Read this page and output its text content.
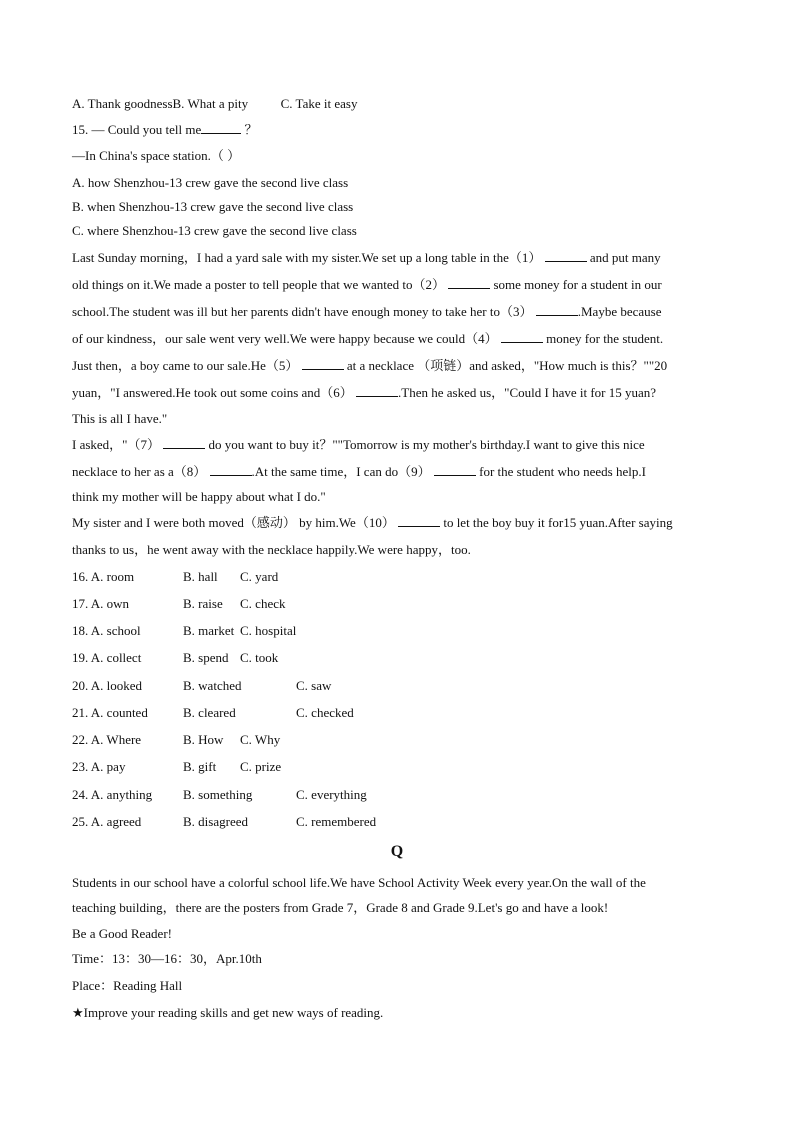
A. Thank goodnessB. What a pity	C. Take it easy
15. — Could you tell me	？
—In China's space station.（ ）
A. how Shenzhou-13 crew gave the second live class
B. when Shenzhou-13 crew gave the second live class
C. where Shenzhou-13 crew gave the second live class
Last Sunday morning，I had a yard sale with my sister.We set up a long table in the（1）	and put many
old things on it.We made a poster to tell people that we wanted to（2）	some money for a student in our
school.The student was ill but her parents didn't have enough money to take her to（3）	.Maybe because
of our kindness，our sale went very well.We were happy because we could（4）	money for the student.
Just then，a boy came to our sale.He（5）	at a necklace （项链）and asked，"How much is this？""20
yuan，"I answered.He took out some coins and（6）	.Then he asked us，"Could I have it for 15 yuan?
This is all I have."
I asked，"（7）	do you want to buy it？""Tomorrow is my mother's birthday.I want to give this nice
necklace to her as a（8）	.At the same time，I can do（9）	for the student who needs help.I
think my mother will be happy about what I do."
My sister and I were both moved（感动） by him.We（10）	to let the boy buy it for15 yuan.After saying
thanks to us，he went away with the necklace happily.We were happy，too.
16. A. room	B. hall C. yard
17. A. own	B. raise C. check
18. A. school	B. market C. hospital
19. A. collect	B. spend C. took
20. A. looked	B. watched	C. saw
21. A. counted	B. cleared	C. checked
22. A. Where	B. How C. Why
23. A. pay	B. gift C. prize
24. A. anything B. something	C. everything
25. A. agreed	B. disagreed	C. remembered
Q
Students in our school have a colorful school life.We have School Activity Week every year.On the wall of the
teaching building，there are the posters from Grade 7，Grade 8 and Grade 9.Let's go and have a look!
Be a Good Reader!
Time：13：30—16：30，Apr.10th
Place：Reading Hall
★Improve your reading skills and get new ways of reading.
